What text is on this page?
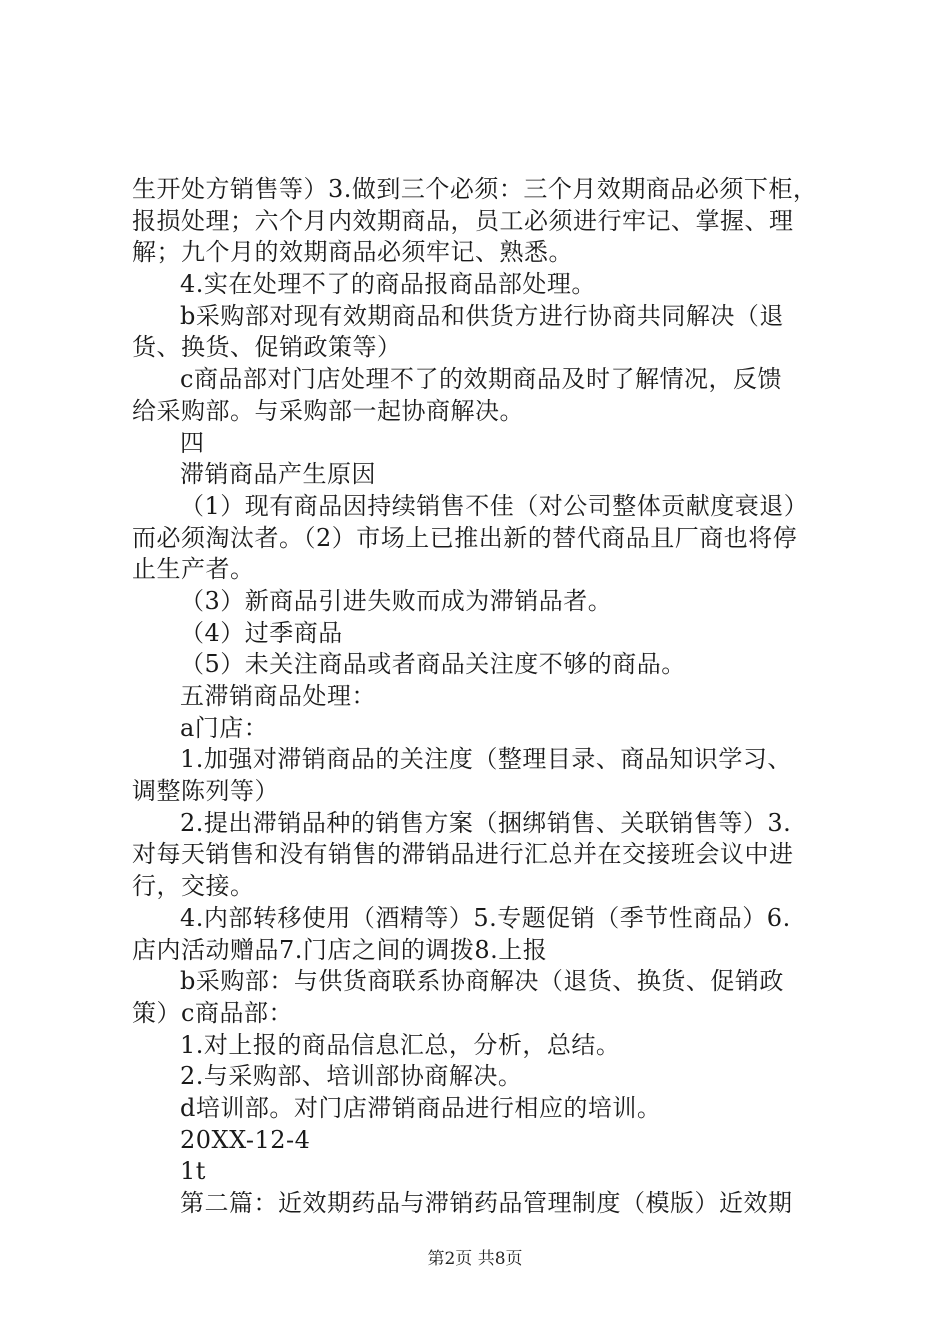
生开处方销售等）3.做到三个必须：三个月效期商品必须下柜，
报损处理；六个月内效期商品，员工必须进行牢记、掌握、理
解；九个月的效期商品必须牢记、熟悉。
4.实在处理不了的商品报商品部处理。
b采购部对现有效期商品和供货方进行协商共同解决（退
货、换货、促销政策等）
c商品部对门店处理不了的效期商品及时了解情况，反馈
给采购部。与采购部一起协商解决。
四
滞销商品产生原因
（1）现有商品因持续销售不佳（对公司整体贡献度衰退）
而必须淘汰者。（2）市场上已推出新的替代商品且厂商也将停
止生产者。
（3）新商品引进失败而成为滞销品者。
（4）过季商品
（5）未关注商品或者商品关注度不够的商品。
五滞销商品处理：
a门店：
1.加强对滞销商品的关注度（整理目录、商品知识学习、
调整陈列等）
2.提出滞销品种的销售方案（捆绑销售、关联销售等）3.
对每天销售和没有销售的滞销品进行汇总并在交接班会议中进
行，交接。
4.内部转移使用（酒精等）5.专题促销（季节性商品）6.
店内活动赠品7.门店之间的调拨8.上报
b采购部：与供货商联系协商解决（退货、换货、促销政
策）c商品部：
1.对上报的商品信息汇总，分析，总结。
2.与采购部、培训部协商解决。
d培训部。对门店滞销商品进行相应的培训。
20XX-12-4
1t
第二篇：近效期药品与滞销药品管理制度（模版）近效期
第2页 共8页
